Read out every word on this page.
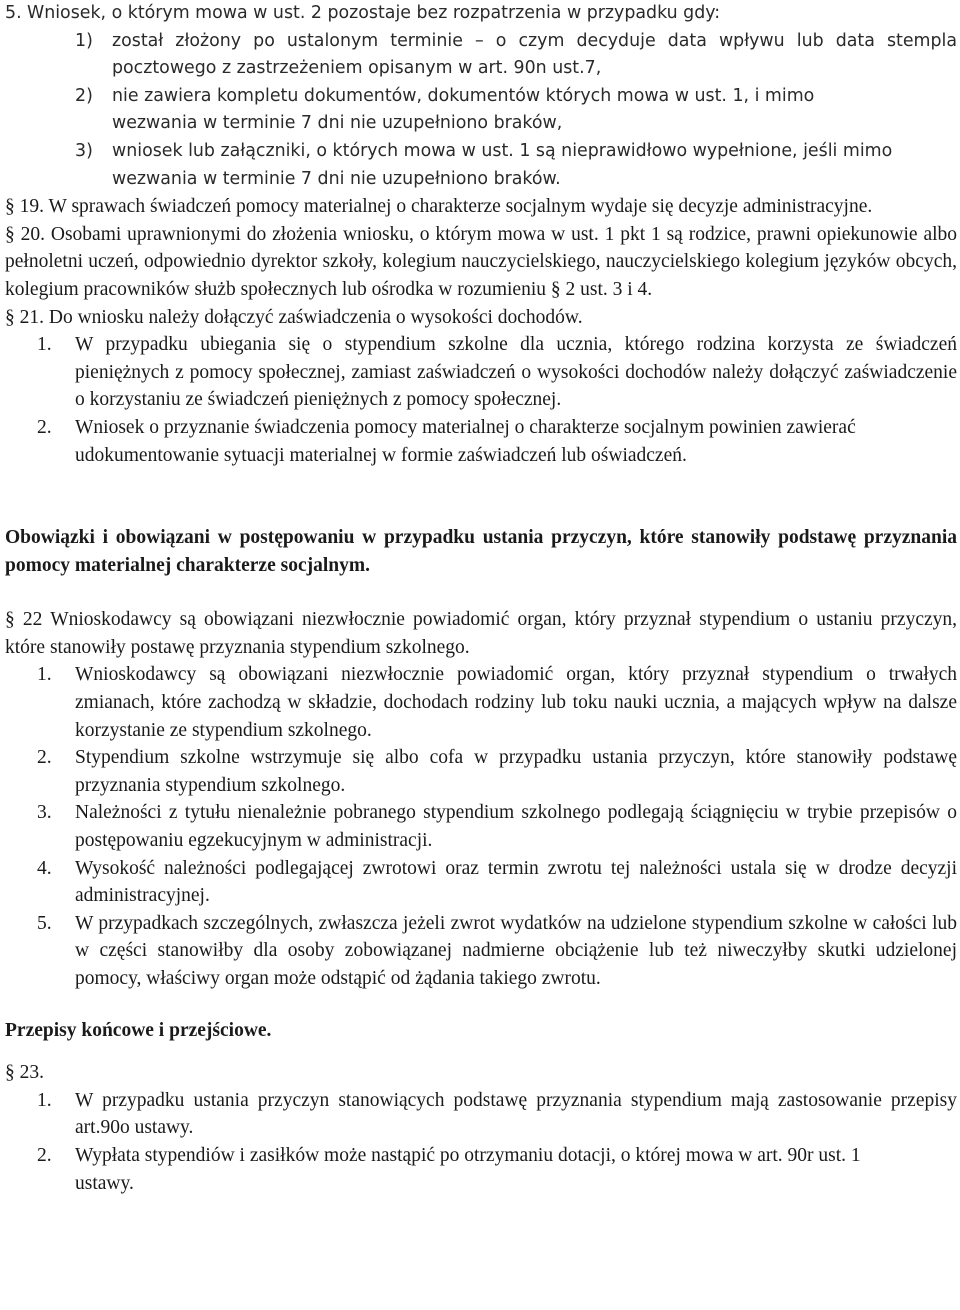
5. Wniosek, o którym mowa w ust. 2 pozostaje bez rozpatrzenia w przypadku gdy:
1)	został złożony po ustalonym terminie – o czym decyduje data wpływu lub data stempla pocztowego z zastrzeżeniem opisanym w art. 90n ust.7,
2)	nie zawiera kompletu dokumentów, dokumentów których mowa w ust. 1, i mimo wezwania w terminie 7 dni nie uzupełniono braków,
3)	wniosek lub załączniki, o których mowa w ust. 1 są nieprawidłowo wypełnione, jeśli mimo wezwania w terminie 7 dni nie uzupełniono braków.
§ 19. W sprawach świadczeń pomocy materialnej o charakterze socjalnym wydaje się decyzje administracyjne.
§ 20. Osobami uprawnionymi do złożenia wniosku, o którym mowa w ust. 1 pkt 1 są rodzice, prawni opiekunowie albo pełnoletni uczeń, odpowiednio dyrektor szkoły, kolegium nauczycielskiego, nauczycielskiego kolegium języków obcych, kolegium pracowników służb społecznych lub ośrodka w rozumieniu § 2 ust. 3 i 4.
§ 21. Do wniosku należy dołączyć zaświadczenia o wysokości dochodów.
1.	W przypadku ubiegania się o stypendium szkolne dla ucznia, którego rodzina korzysta ze świadczeń pieniężnych z pomocy społecznej, zamiast zaświadczeń o wysokości dochodów należy dołączyć zaświadczenie o korzystaniu ze świadczeń pieniężnych z pomocy społecznej.
2.	Wniosek o przyznanie świadczenia pomocy materialnej o charakterze socjalnym powinien zawierać udokumentowanie sytuacji materialnej w formie zaświadczeń lub oświadczeń.
Obowiązki i obowiązani w postępowaniu w przypadku ustania przyczyn, które stanowiły podstawę przyznania pomocy materialnej charakterze socjalnym.
§ 22 Wnioskodawcy są obowiązani niezwłocznie powiadomić organ, który przyznał stypendium o ustaniu przyczyn, które stanowiły postawę przyznania stypendium szkolnego.
1.	Wnioskodawcy są obowiązani niezwłocznie powiadomić organ, który przyznał stypendium o trwałych zmianach, które zachodzą w składzie, dochodach rodziny lub toku nauki ucznia, a mających wpływ na dalsze korzystanie ze stypendium szkolnego.
2.	Stypendium szkolne wstrzymuje się albo cofa w przypadku ustania przyczyn, które stanowiły podstawę przyznania stypendium szkolnego.
3.	Należności z tytułu nienależnie pobranego stypendium szkolnego podlegają ściągnięciu w trybie przepisów o postępowaniu egzekucyjnym w administracji.
4.	Wysokość należności podlegającej zwrotowi oraz termin zwrotu tej należności ustala się w drodze decyzji administracyjnej.
5.	W przypadkach szczególnych, zwłaszcza jeżeli zwrot wydatków na udzielone stypendium szkolne w całości lub w części stanowiłby dla osoby zobowiązanej nadmierne obciążenie lub też niweczyłby skutki udzielonej pomocy, właściwy organ może odstąpić od żądania takiego zwrotu.
Przepisy końcowe i przejściowe.
§ 23.
1.	W przypadku ustania przyczyn stanowiących podstawę przyznania stypendium mają zastosowanie przepisy art.90o ustawy.
2.	Wypłata stypendiów i zasiłków może nastąpić po otrzymaniu dotacji, o której mowa w art. 90r ust. 1 ustawy.
